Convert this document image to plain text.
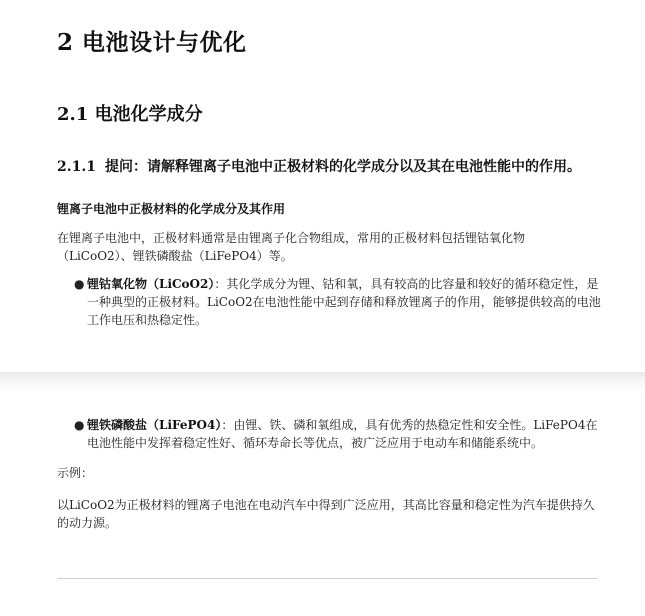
2 电池设计与优化
2.1 电池化学成分

2.1.1 提问：请解释锂离子电池中正极材料的化学成分以及其在电池性能中的作用。

锂离子电池中正极材料的化学成分及其作用

在锂离子电池中，正极材料通常是由锂离子化合物组成，常用的正极材料包括锂钴氧化物（LiCoO2）、锂铁磷酸盐（LiFePO4）等。

● 锂钴氧化物（LiCoO2）：其化学成分为锂、钴和氧，具有较高的比容量和较好的循环稳定性，是一种典型的正极材料。LiCoO2在电池性能中起到存储和释放锂离子的作用，能够提供较高的电池工作电压和热稳定性。
● 锂铁磷酸盐（LiFePO4）：由锂、铁、磷和氧组成，具有优秀的热稳定性和安全性。LiFePO4在电池性能中发挥着稳定性好、循环寿命长等优点，被广泛应用于电动车和储能系统中。

示例：

以LiCoO2为正极材料的锂离子电池在电动汽车中得到广泛应用，其高比容量和稳定性为汽车提供持久的动力源。
